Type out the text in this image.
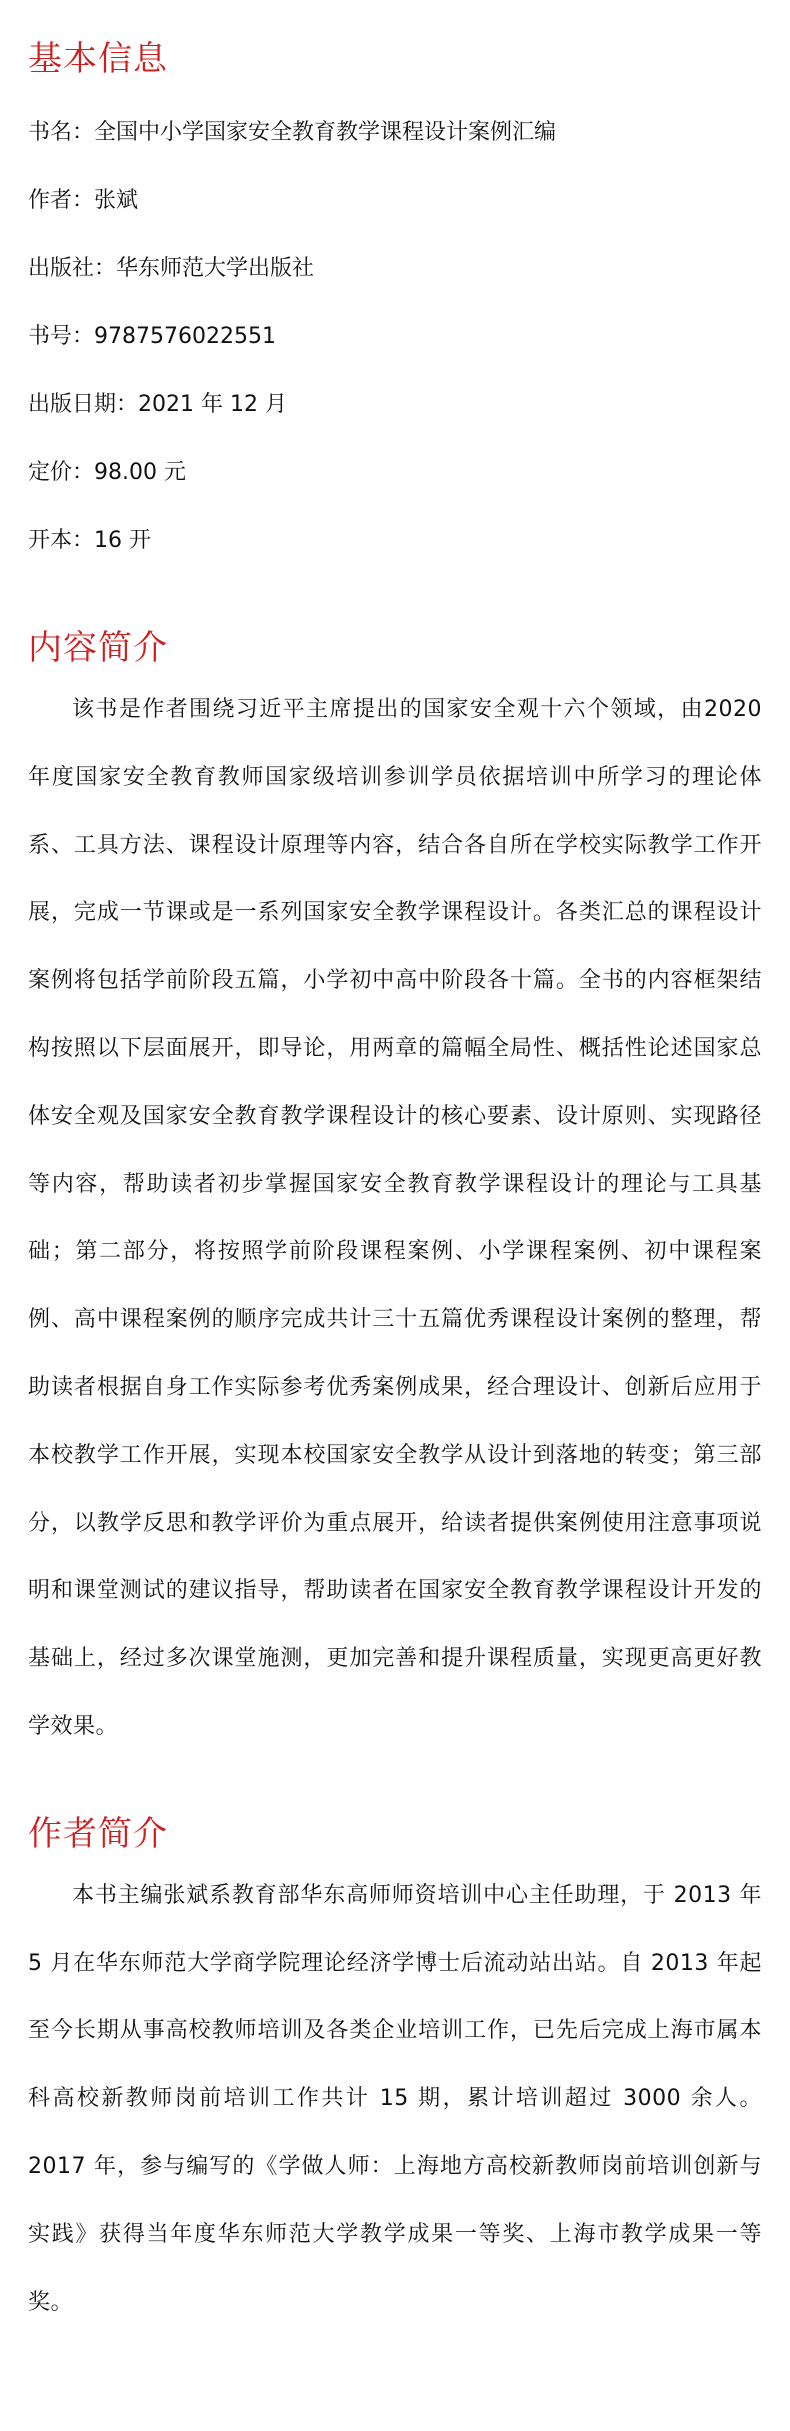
基本信息
书名：全国中小学国家安全教育教学课程设计案例汇编
作者：张斌
出版社：华东师范大学出版社
书号：9787576022551
出版日期：2021 年 12 月
定价：98.00 元
开本：16 开
内容简介

该书是作者围绕习近平主席提出的国家安全观十六个领域，由2020 年度国家安全教育教师国家级培训参训学员依据培训中所学习的理论体系、工具方法、课程设计原理等内容，结合各自所在学校实际教学工作开展，完成一节课或是一系列国家安全教学课程设计。各类汇总的课程设计案例将包括学前阶段五篇，小学初中高中阶段各十篇。全书的内容框架结构按照以下层面展开，即导论，用两章的篇幅全局性、概括性论述国家总体安全观及国家安全教育教学课程设计的核心要素、设计原则、实现路径等内容，帮助读者初步掌握国家安全教育教学课程设计的理论与工具基础；第二部分，将按照学前阶段课程案例、小学课程案例、初中课程案例、高中课程案例的顺序完成共计三十五篇优秀课程设计案例的整理，帮助读者根据自身工作实际参考优秀案例成果，经合理设计、创新后应用于本校教学工作开展，实现本校国家安全教学从设计到落地的转变；第三部分，以教学反思和教学评价为重点展开，给读者提供案例使用注意事项说明和课堂测试的建议指导，帮助读者在国家安全教育教学课程设计开发的基础上，经过多次课堂施测，更加完善和提升课程质量，实现更高更好教学效果。

作者简介

本书主编张斌系教育部华东高师师资培训中心主任助理，于 2013 年 5 月在华东师范大学商学院理论经济学博士后流动站出站。自 2013 年起至今长期从事高校教师培训及各类企业培训工作，已先后完成上海市属本科高校新教师岗前培训工作共计 15 期，累计培训超过 3000 余人。2017 年，参与编写的《学做人师：上海地方高校新教师岗前培训创新与实践》获得当年度华东师范大学教学成果一等奖、上海市教学成果一等奖。
